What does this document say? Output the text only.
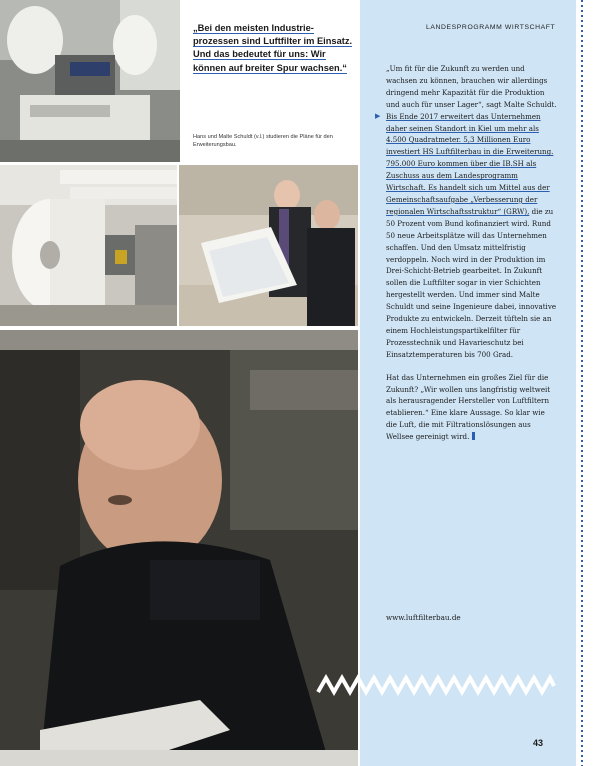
„Bei den meisten Industrie-prozessen sind Luftfilter im Einsatz. Und das bedeutet für uns: Wir können auf breiter Spur wachsen.“

Hans und Malte Schuldt (v.l.) studieren die Pläne für den Erweiterungsbau.

LANDESPROGRAMM WIRTSCHAFT

„Um fit für die Zukunft zu werden und wachsen zu können, brauchen wir allerdings dringend mehr Kapazität für die Produktion und auch für unser Lager“, sagt Malte Schuldt.
▶ Bis Ende 2017 erweitert das Unternehmen daher seinen Standort in Kiel um mehr als 4.500 Quadratmeter. 5,3 Millionen Euro investiert HS Luftfilterbau in die Erweiterung. 795.000 Euro kommen über die IB.SH als Zuschuss aus dem Landesprogramm Wirtschaft. Es handelt sich um Mittel aus der Gemeinschaftsaufgabe „Verbesserung der regionalen Wirtschaftsstruktur“ (GRW), die zu 50 Prozent vom Bund kofinanziert wird. Rund 50 neue Arbeitsplätze will das Unternehmen schaffen. Und den Umsatz mittelfristig verdoppeln. Noch wird in der Produktion im Drei-Schicht-Betrieb gearbeitet. In Zukunft sollen die Luftfilter sogar in vier Schichten hergestellt werden. Und immer sind Malte Schuldt und seine Ingenieure dabei, innovative Produkte zu entwickeln. Derzeit tüfteln sie an einem Hochleistungspartikelfilter für Prozesstechnik und Havarieschutz bei Einsatztemperaturen bis 700 Grad.

Hat das Unternehmen ein großes Ziel für die Zukunft? „Wir wollen uns langfristig weltweit als herausragender Hersteller von Luftfiltern etablieren.“ Eine klare Aussage. So klar wie die Luft, die mit Filtrationslösungen aus Wellsee gereinigt wird.

www.luftfilterbau.de
43
